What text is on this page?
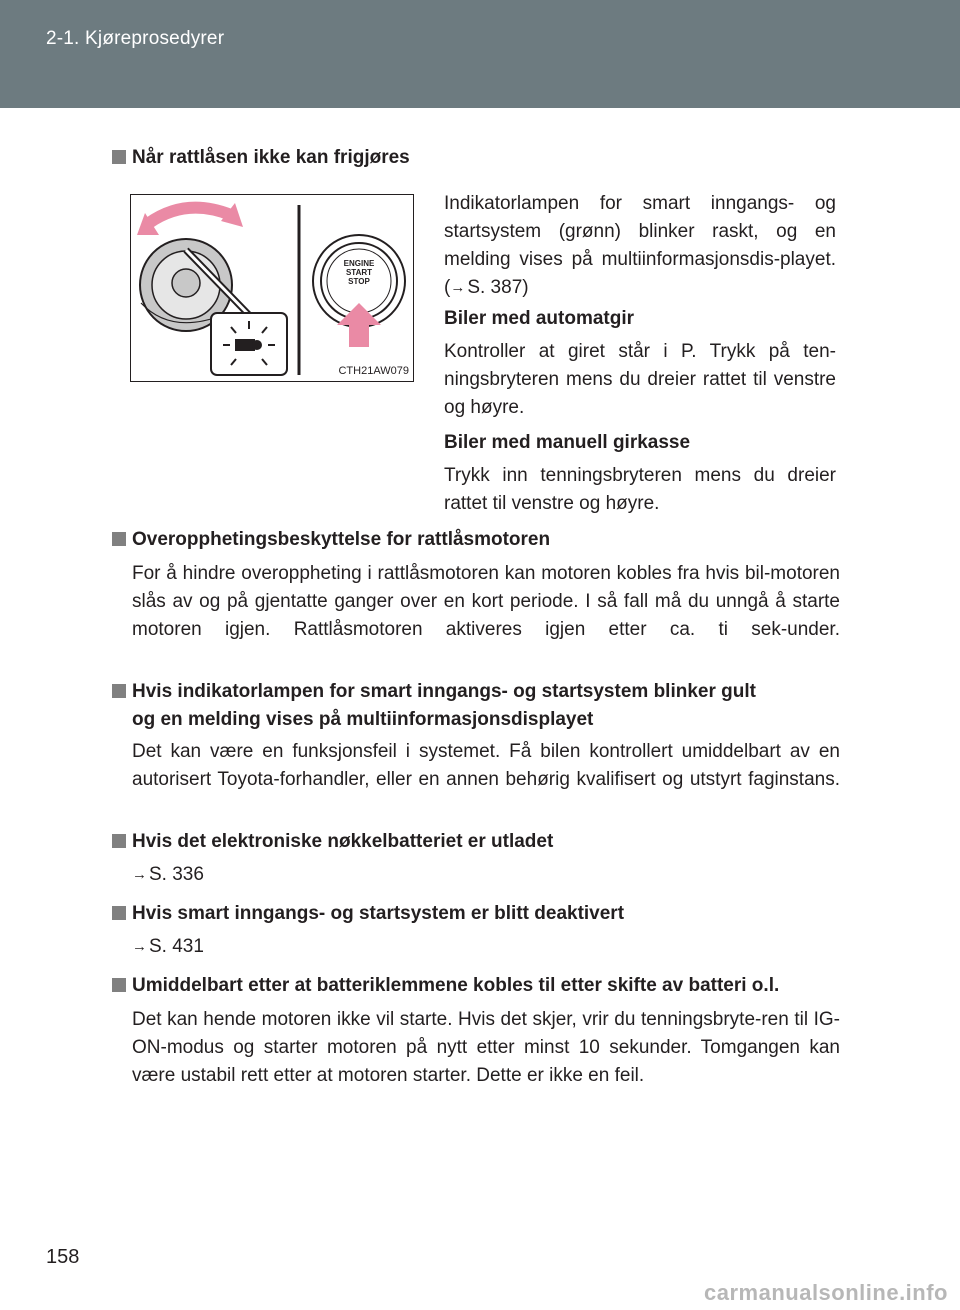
2-1. Kjøreprosedyrer
Når rattlåsen ikke kan frigjøres
ENGINE
START
STOP
CTH21AW079

Indikatorlampen for smart inngangs- og startsystem (grønn) blinker raskt, og en melding vises på multiinformasjonsdis-playet. (→ S. 387)

Biler med automatgir

Kontroller at giret står i P. Trykk på ten-ningsbryteren mens du dreier rattet til venstre og høyre.

Biler med manuell girkasse

Trykk inn tenningsbryteren mens du dreier rattet til venstre og høyre.

Overopphetingsbeskyttelse for rattlåsmotoren

For å hindre overoppheting i rattlåsmotoren kan motoren kobles fra hvis bil-motoren slås av og på gjentatte ganger over en kort periode. I så fall må du unngå å starte motoren igjen. Rattlåsmotoren aktiveres igjen etter ca. ti sek-under.

Hvis indikatorlampen for smart inngangs- og startsystem blinker gult
og en melding vises på multiinformasjonsdisplayet

Det kan være en funksjonsfeil i systemet. Få bilen kontrollert umiddelbart av en autorisert Toyota-forhandler, eller en annen behørig kvalifisert og utstyrt faginstans.

Hvis det elektroniske nøkkelbatteriet er utladet
→ S. 336
Hvis smart inngangs- og startsystem er blitt deaktivert
→ S. 431
Umiddelbart etter at batteriklemmene kobles til etter skifte av batteri o.l.

Det kan hende motoren ikke vil starte. Hvis det skjer, vrir du tenningsbryte-ren til IG-ON-modus og starter motoren på nytt etter minst 10 sekunder. Tomgangen kan være ustabil rett etter at motoren starter. Dette er ikke en feil.

158
carmanualsonline.info
